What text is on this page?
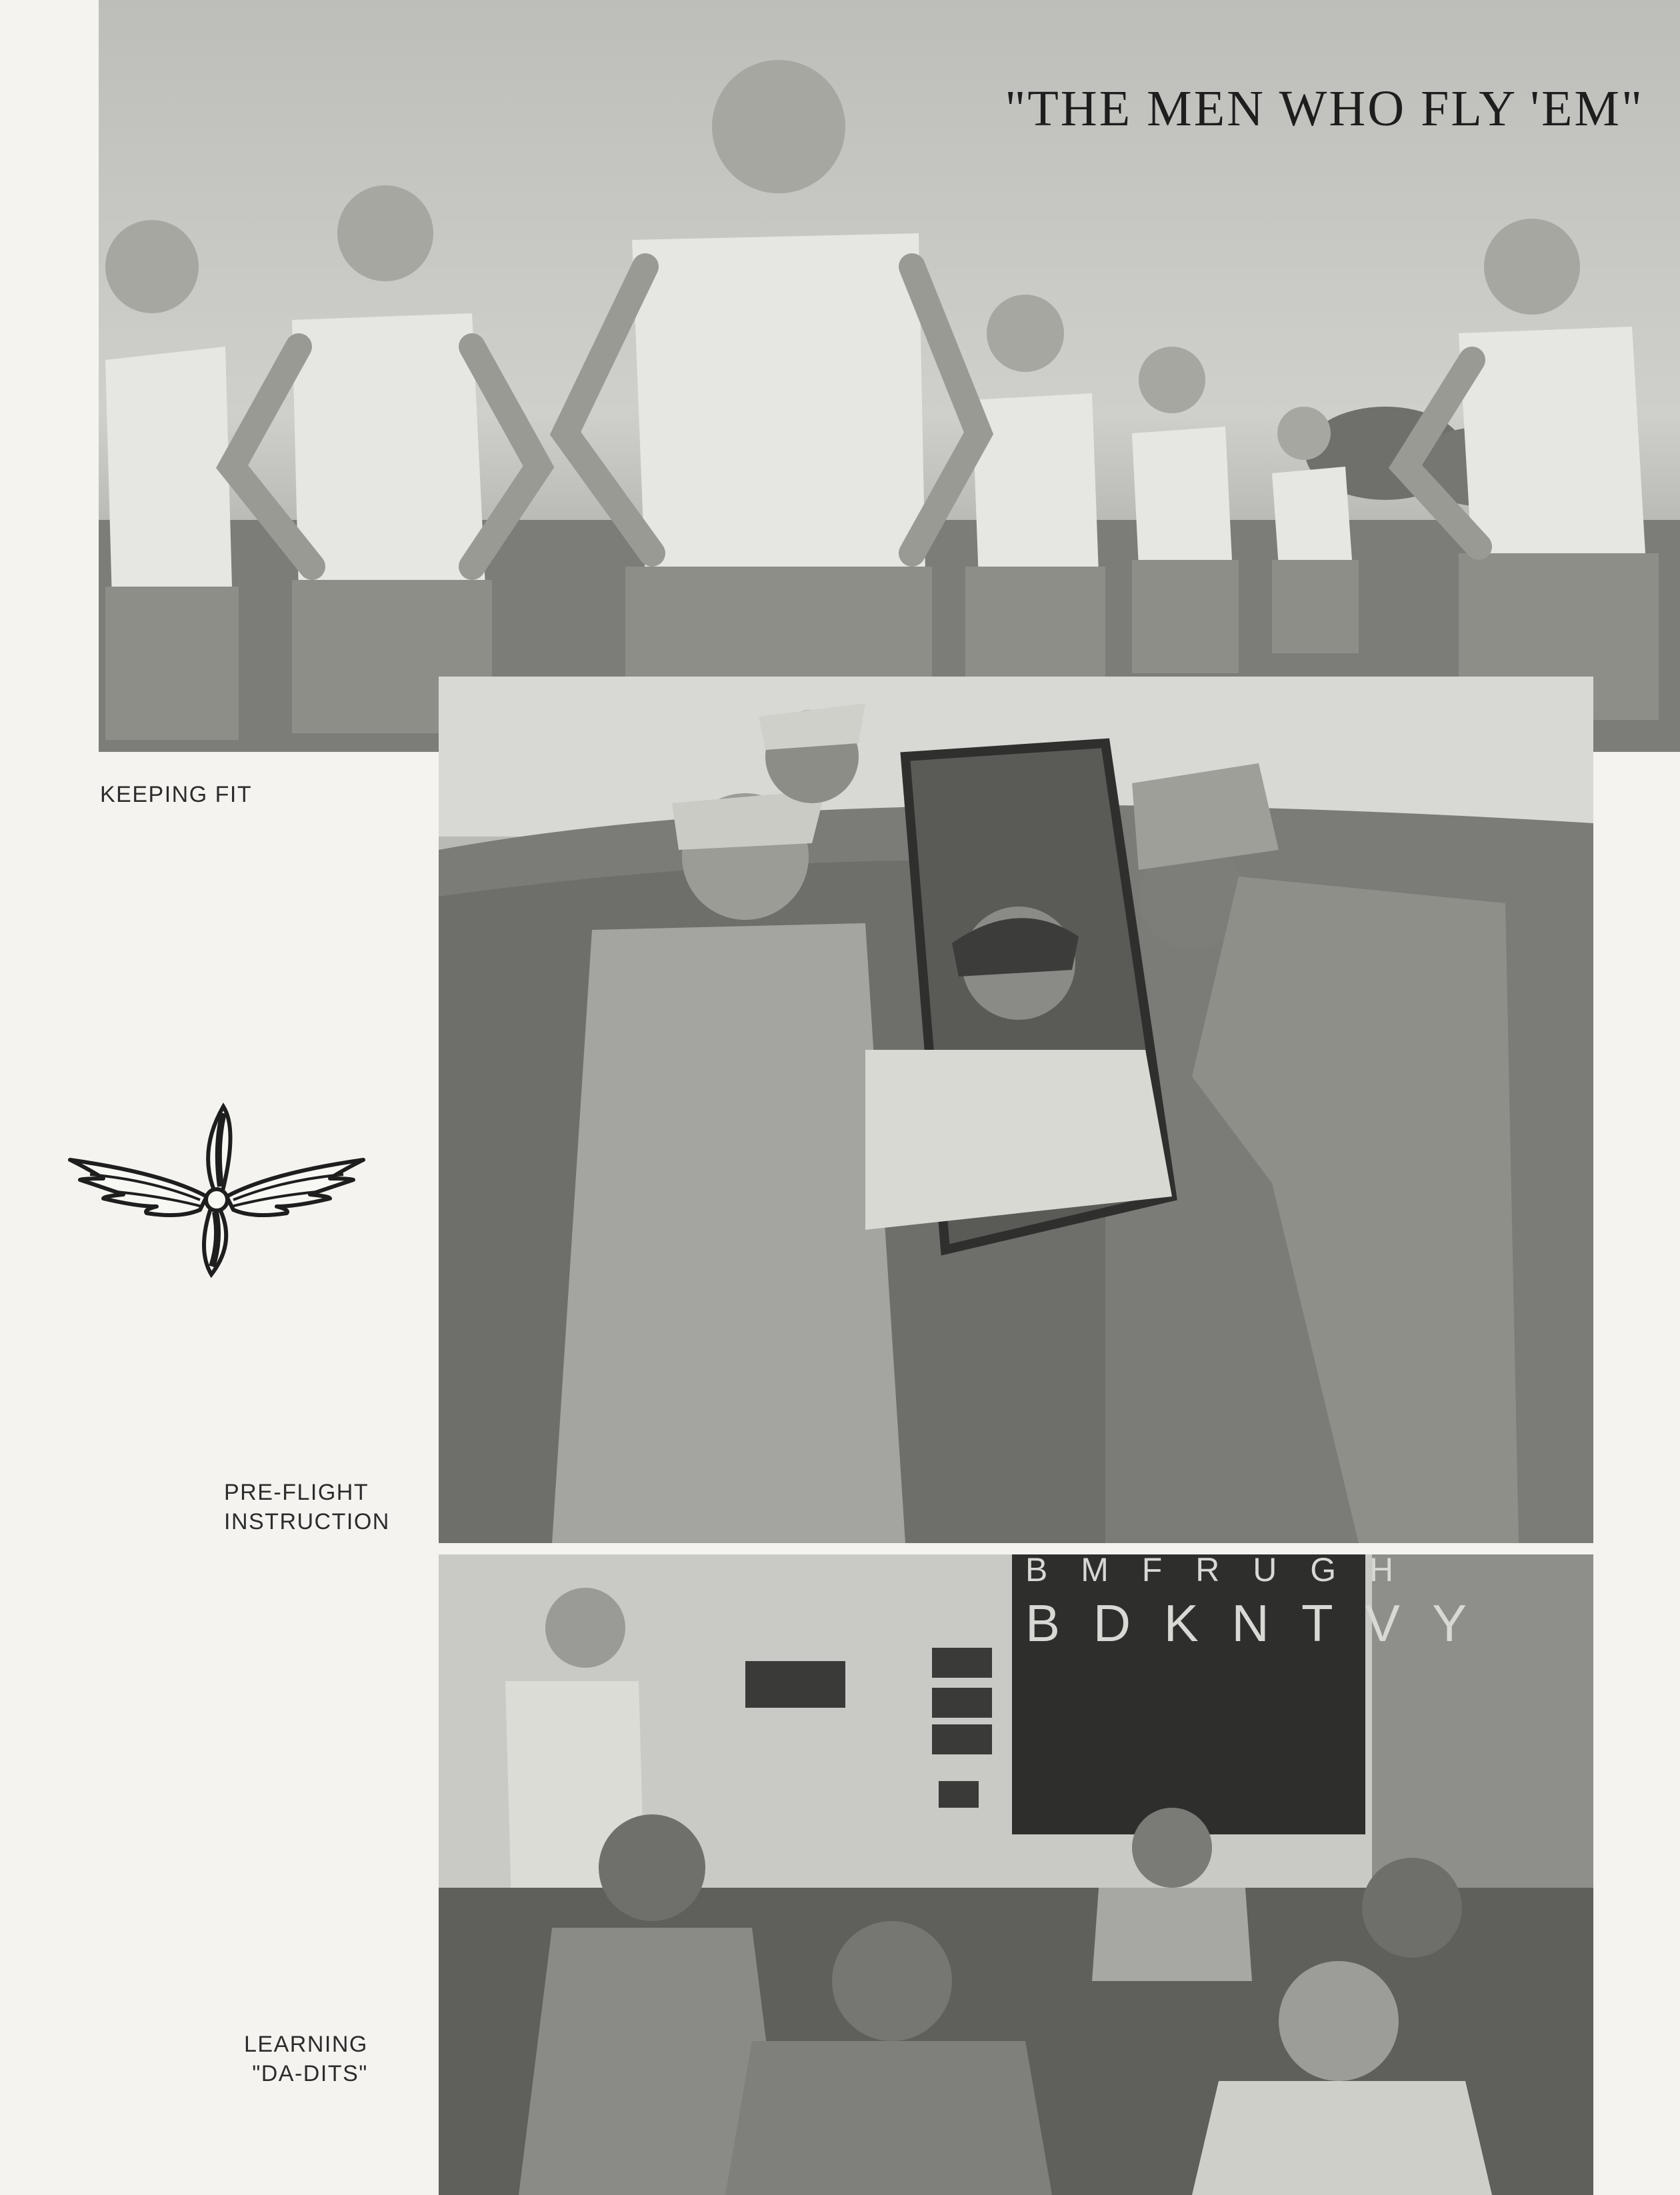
"THE MEN WHO FLY 'EM"

KEEPING FIT

PRE-FLIGHT
INSTRUCTION

B M F R U G H
B D K N T V Y

LEARNING
"DA-DITS"
